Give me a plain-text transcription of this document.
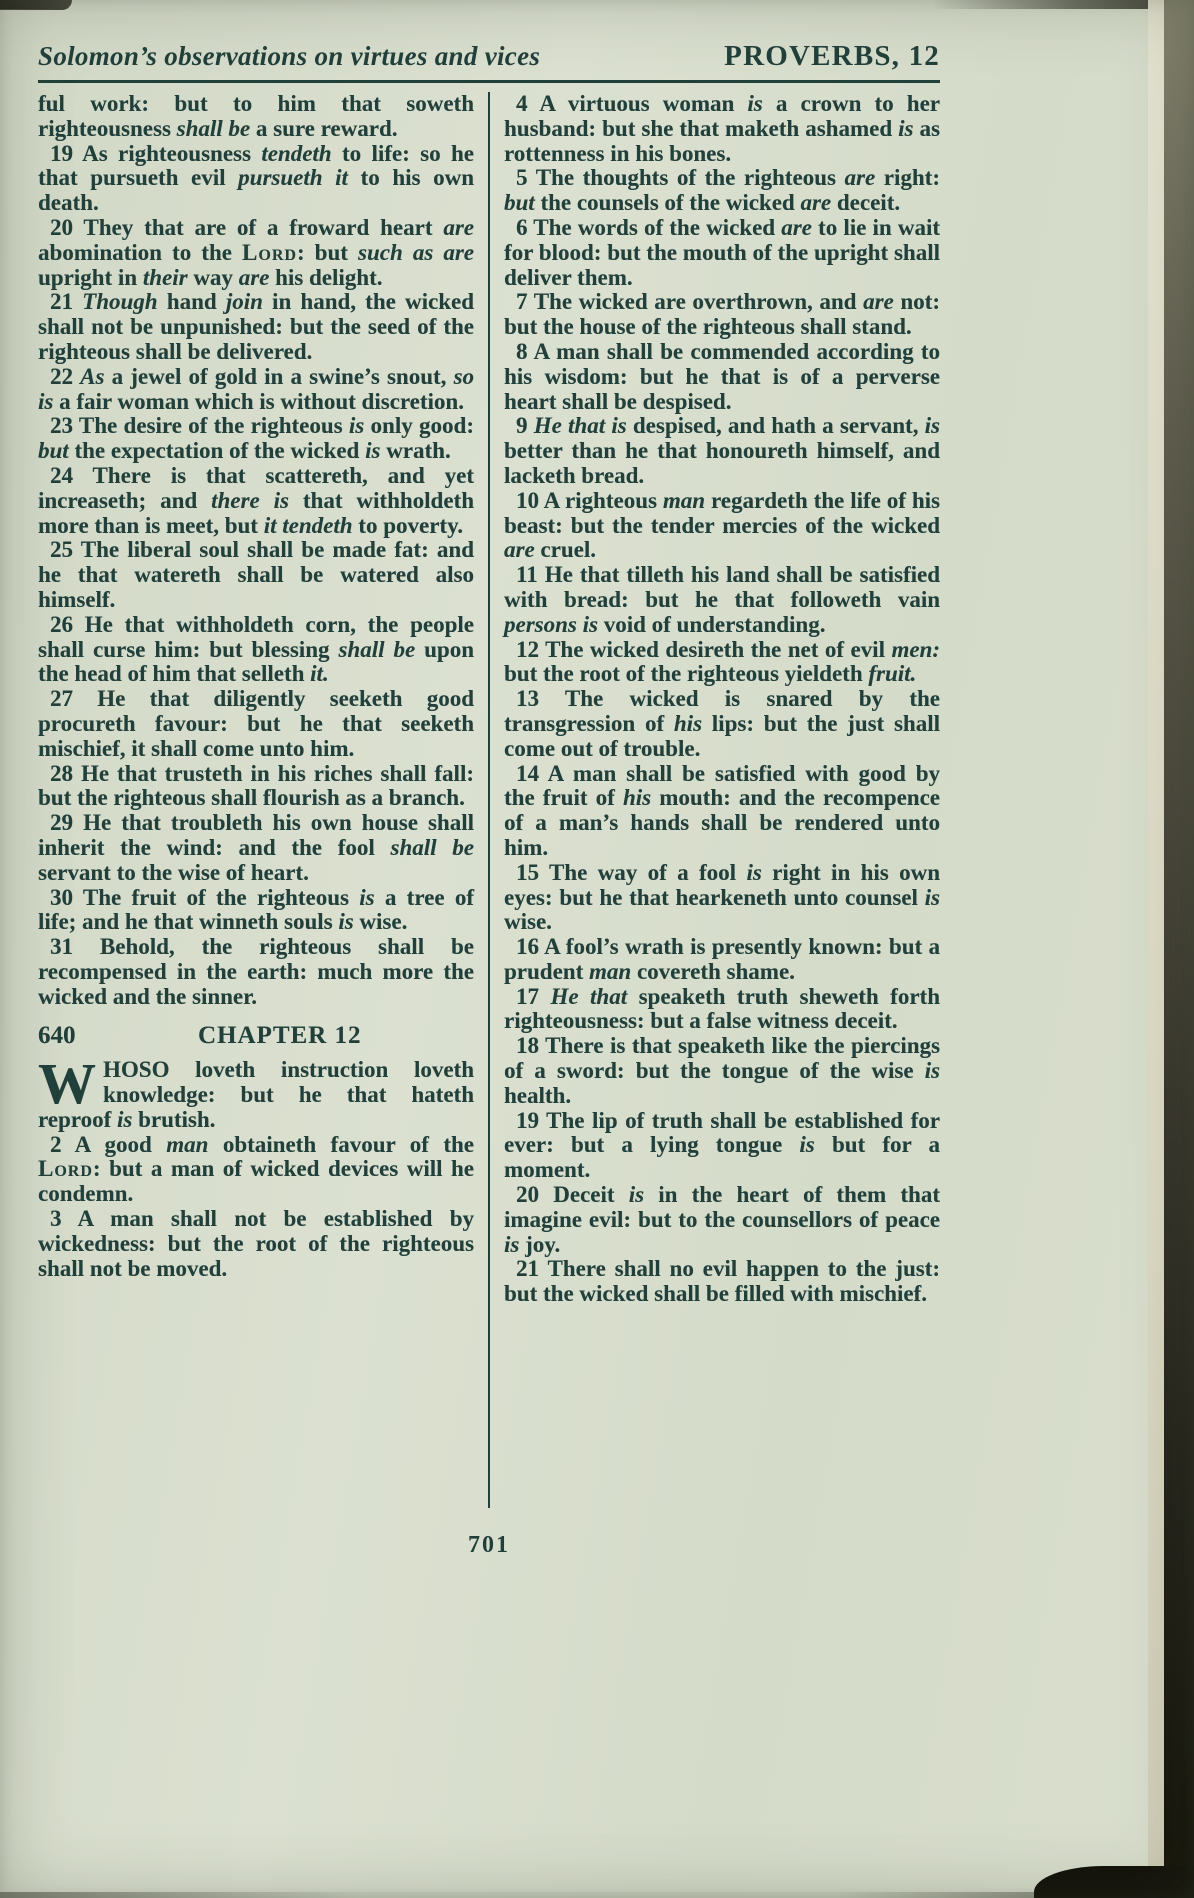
Solomon’s observations on virtues and vices	PROVERBS, 12

ful work: but to him that soweth righteousness shall be a sure reward.

19 As righteousness tendeth to life: so he that pursueth evil pursueth it to his own death.

20 They that are of a froward heart are abomination to the Lord: but such as are upright in their way are his delight.

21 Though hand join in hand, the wicked shall not be unpunished: but the seed of the righteous shall be delivered.

22 As a jewel of gold in a swine’s snout, so is a fair woman which is without discretion.

23 The desire of the righteous is only good: but the expectation of the wicked is wrath.

24 There is that scattereth, and yet increaseth; and there is that withholdeth more than is meet, but it tendeth to poverty.

25 The liberal soul shall be made fat: and he that watereth shall be watered also himself.

26 He that withholdeth corn, the people shall curse him: but blessing shall be upon the head of him that selleth it.

27 He that diligently seeketh good procureth favour: but he that seeketh mischief, it shall come unto him.

28 He that trusteth in his riches shall fall: but the righteous shall flourish as a branch.

29 He that troubleth his own house shall inherit the wind: and the fool shall be servant to the wise of heart.

30 The fruit of the righteous is a tree of life; and he that winneth souls is wise.

31 Behold, the righteous shall be recompensed in the earth: much more the wicked and the sinner.

640	CHAPTER 12

WHOSO loveth instruction loveth knowledge: but he that hateth reproof is brutish.

2 A good man obtaineth favour of the Lord: but a man of wicked devices will he condemn.

3 A man shall not be established by wickedness: but the root of the righteous shall not be moved.

4 A virtuous woman is a crown to her husband: but she that maketh ashamed is as rottenness in his bones.

5 The thoughts of the righteous are right: but the counsels of the wicked are deceit.

6 The words of the wicked are to lie in wait for blood: but the mouth of the upright shall deliver them.

7 The wicked are overthrown, and are not: but the house of the righteous shall stand.

8 A man shall be commended according to his wisdom: but he that is of a perverse heart shall be despised.

9 He that is despised, and hath a servant, is better than he that honoureth himself, and lacketh bread.

10 A righteous man regardeth the life of his beast: but the tender mercies of the wicked are cruel.

11 He that tilleth his land shall be satisfied with bread: but he that followeth vain persons is void of understanding.

12 The wicked desireth the net of evil men: but the root of the righteous yieldeth fruit.

13 The wicked is snared by the transgression of his lips: but the just shall come out of trouble.

14 A man shall be satisfied with good by the fruit of his mouth: and the recompence of a man’s hands shall be rendered unto him.

15 The way of a fool is right in his own eyes: but he that hearkeneth unto counsel is wise.

16 A fool’s wrath is presently known: but a prudent man covereth shame.

17 He that speaketh truth sheweth forth righteousness: but a false witness deceit.

18 There is that speaketh like the piercings of a sword: but the tongue of the wise is health.

19 The lip of truth shall be established for ever: but a lying tongue is but for a moment.

20 Deceit is in the heart of them that imagine evil: but to the counsellors of peace is joy.

21 There shall no evil happen to the just: but the wicked shall be filled with mischief.

701
